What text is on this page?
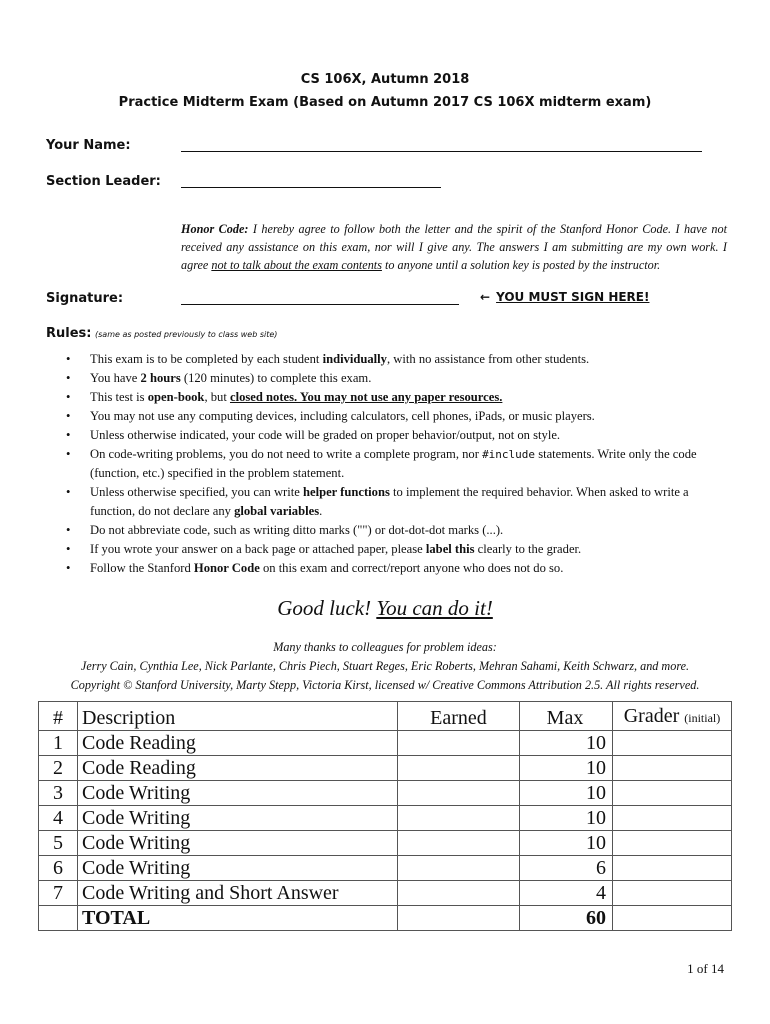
CS 106X, Autumn 2018
Practice Midterm Exam (Based on Autumn 2017 CS 106X midterm exam)
Your Name:
Section Leader:
Honor Code: I hereby agree to follow both the letter and the spirit of the Stanford Honor Code. I have not received any assistance on this exam, nor will I give any. The answers I am submitting are my own work. I agree not to talk about the exam contents to anyone until a solution key is posted by the instructor.
Signature:	← YOU MUST SIGN HERE!
Rules: (same as posted previously to class web site)
• This exam is to be completed by each student individually, with no assistance from other students.
• You have 2 hours (120 minutes) to complete this exam.
• This test is open-book, but closed notes. You may not use any paper resources.
• You may not use any computing devices, including calculators, cell phones, iPads, or music players.
• Unless otherwise indicated, your code will be graded on proper behavior/output, not on style.
• On code-writing problems, you do not need to write a complete program, nor #include statements. Write only the code (function, etc.) specified in the problem statement.
• Unless otherwise specified, you can write helper functions to implement the required behavior. When asked to write a function, do not declare any global variables.
• Do not abbreviate code, such as writing ditto marks ("") or dot-dot-dot marks (...).
• If you wrote your answer on a back page or attached paper, please label this clearly to the grader.
• Follow the Stanford Honor Code on this exam and correct/report anyone who does not do so.
Good luck! You can do it!
Many thanks to colleagues for problem ideas:
Jerry Cain, Cynthia Lee, Nick Parlante, Chris Piech, Stuart Reges, Eric Roberts, Mehran Sahami, Keith Schwarz, and more.
Copyright © Stanford University, Marty Stepp, Victoria Kirst, licensed w/ Creative Commons Attribution 2.5. All rights reserved.
#	Description	Earned	Max	Grader (initial)
1	Code Reading		10	
2	Code Reading		10	
3	Code Writing		10	
4	Code Writing		10	
5	Code Writing		10	
6	Code Writing		6	
7	Code Writing and Short Answer		4	
	TOTAL		60	
1 of 14
